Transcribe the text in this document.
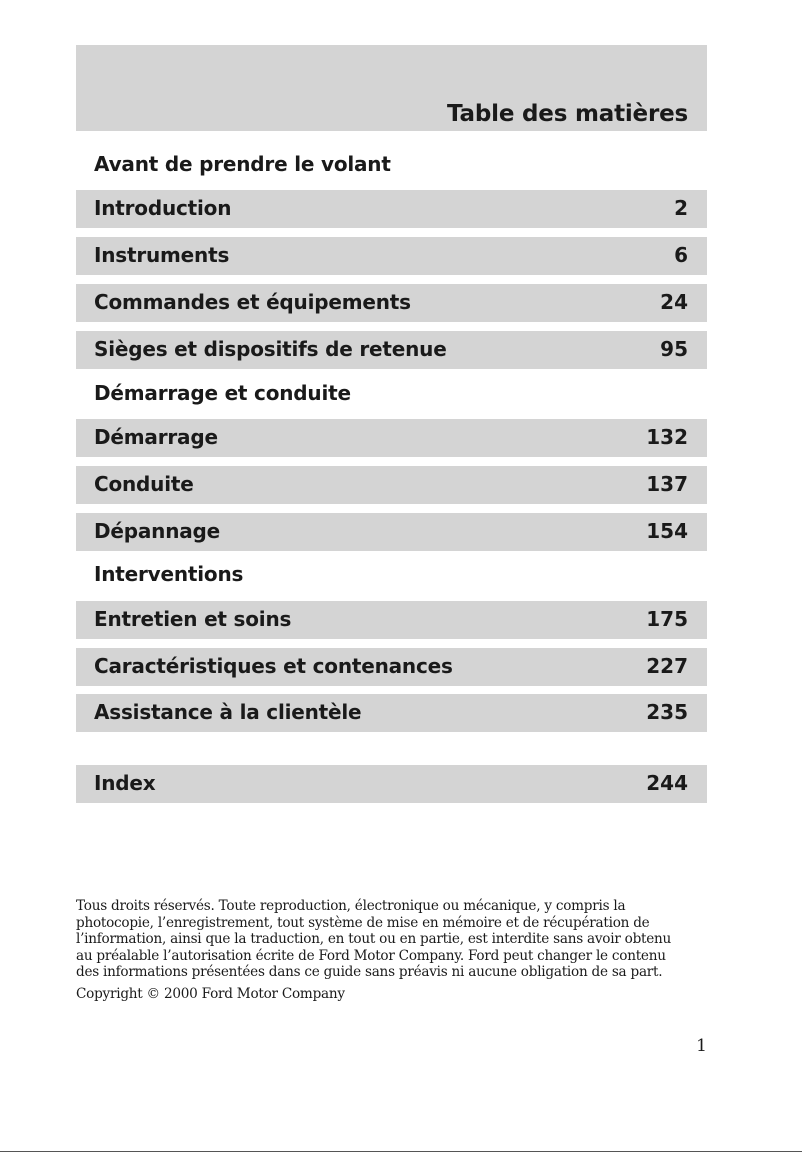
Table des matières
Avant de prendre le volant
Introduction	2
Instruments	6
Commandes et équipements	24
Sièges et dispositifs de retenue	95
Démarrage et conduite
Démarrage	132
Conduite	137
Dépannage	154
Interventions
Entretien et soins	175
Caractéristiques et contenances	227
Assistance à la clientèle	235
Index	244
Tous droits réservés. Toute reproduction, électronique ou mécanique, y compris la
photocopie, l’enregistrement, tout système de mise en mémoire et de récupération de
l’information, ainsi que la traduction, en tout ou en partie, est interdite sans avoir obtenu
au préalable l’autorisation écrite de Ford Motor Company. Ford peut changer le contenu
des informations présentées dans ce guide sans préavis ni aucune obligation de sa part.
Copyright © 2000 Ford Motor Company
1
